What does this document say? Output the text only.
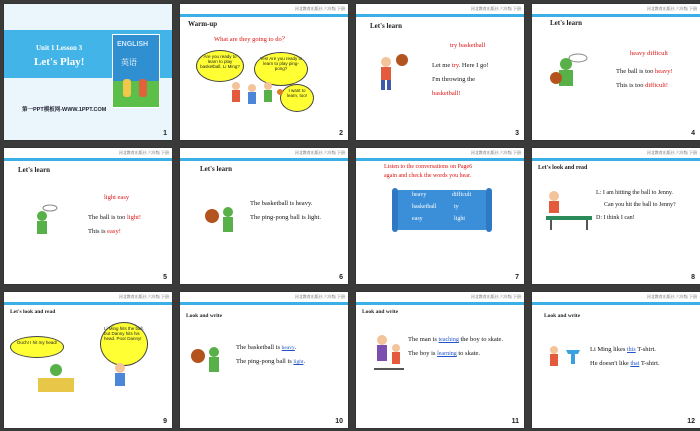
Unit 1 Lesson 3
Let's Play!
ENGLISH
英语
第一PPT模板网-WWW.1PPT.COM
1
河北教育出版社 六年级 下册
Warm-up
What are they going to do？
Are you ready to learn to play basketball, Li Ming?
Yes! Are you ready to learn to play ping-pong?
I want to learn, too!
2
河北教育出版社 六年级 下册
Let's learn
try basketball
Let me try. Here I go!
I'm throwing the
basketball!
3
河北教育出版社 六年级 下册
Let's learn
heavy difficult
The ball is too heavy!
This is too difficult!
4
河北教育出版社 六年级 下册
Let's learn
light easy
The ball is too light!
This is easy!
5
河北教育出版社 六年级 下册
Let's learn
The basketball is heavy.
The ping-pong ball is light.
6
河北教育出版社 六年级 下册
Listen to the conversations on Page6
again and check the words you hear.
heavy	difficult
basketball	ty
easy	light
7
河北教育出版社 六年级 下册
Let's look and read
L: I am hitting the ball to Jenny.
Can you hit the ball to Jenny?
D: I think I can!
8
河北教育出版社 六年级 下册
Let's look and read
Ouch! I hit my head!
Li Ming hits the ball, but Danny hits his head. Poor Danny!
9
河北教育出版社 六年级 下册
Look and write
The basketball is heavy.
The ping-pong ball is light.
10
河北教育出版社 六年级 下册
Look and write
The man is teaching the boy to skate.
The boy is learning to skate.
11
河北教育出版社 六年级 下册
Look and write
Li Ming likes this T-shirt.
He doesn't like that T-shirt.
12
